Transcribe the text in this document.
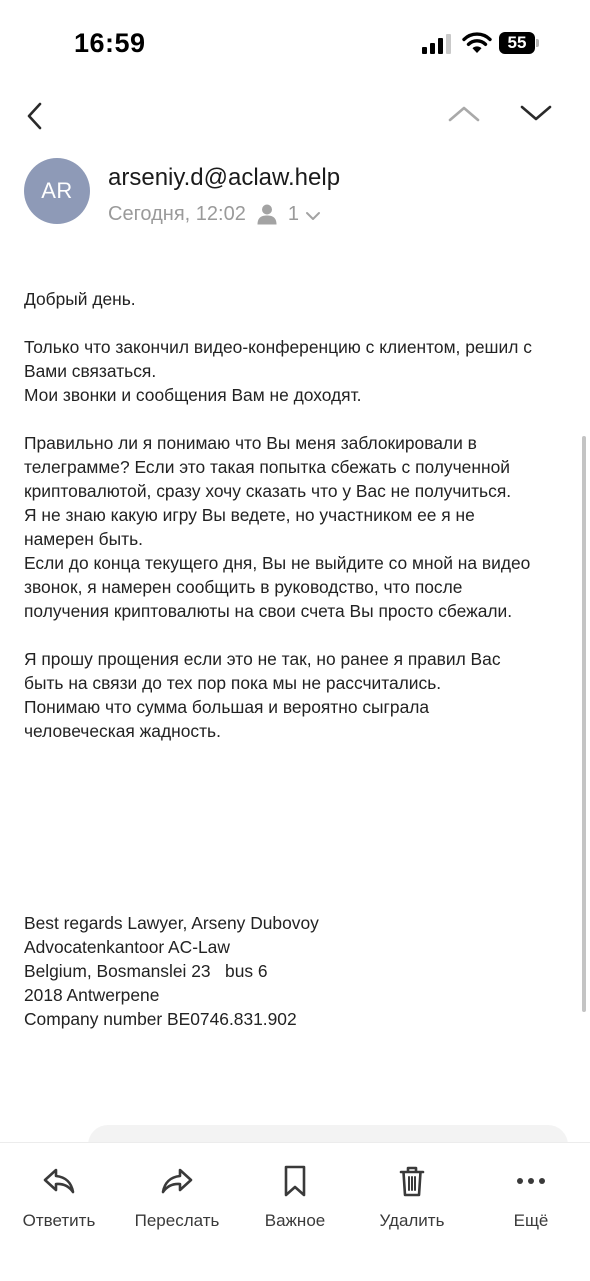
16:59	55
AR	arseniy.d@aclaw.help
Сегодня, 12:02 1

Добрый день.

Только что закончил видео-конференцию с клиентом, решил с

Вами связаться.

Мои звонки и сообщения Вам не доходят.

Правильно ли я понимаю что Вы меня заблокировали в

телеграмме? Если это такая попытка сбежать с полученной

криптовалютой, сразу хочу сказать что у Вас не получиться.

Я не знаю какую игру Вы ведете, но участником ее я не

намерен быть.

Если до конца текущего дня, Вы не выйдите со мной на видео

звонок, я намерен сообщить в руководство, что после

получения криптовалюты на свои счета Вы просто сбежали.

Я прошу прощения если это не так, но ранее я правил Вас

быть на связи до тех пор пока мы не рассчитались.

Понимаю что сумма большая и вероятно сыграла

человеческая жадность.

Best regards Lawyer, Arseny Dubovoy

Advocatenkantoor AC-Law

Belgium, Bosmanslei 23   bus 6

2018 Antwerpene

Company number BE0746.831.902

Ответить	Переслать	Важное	Удалить	Ещё
